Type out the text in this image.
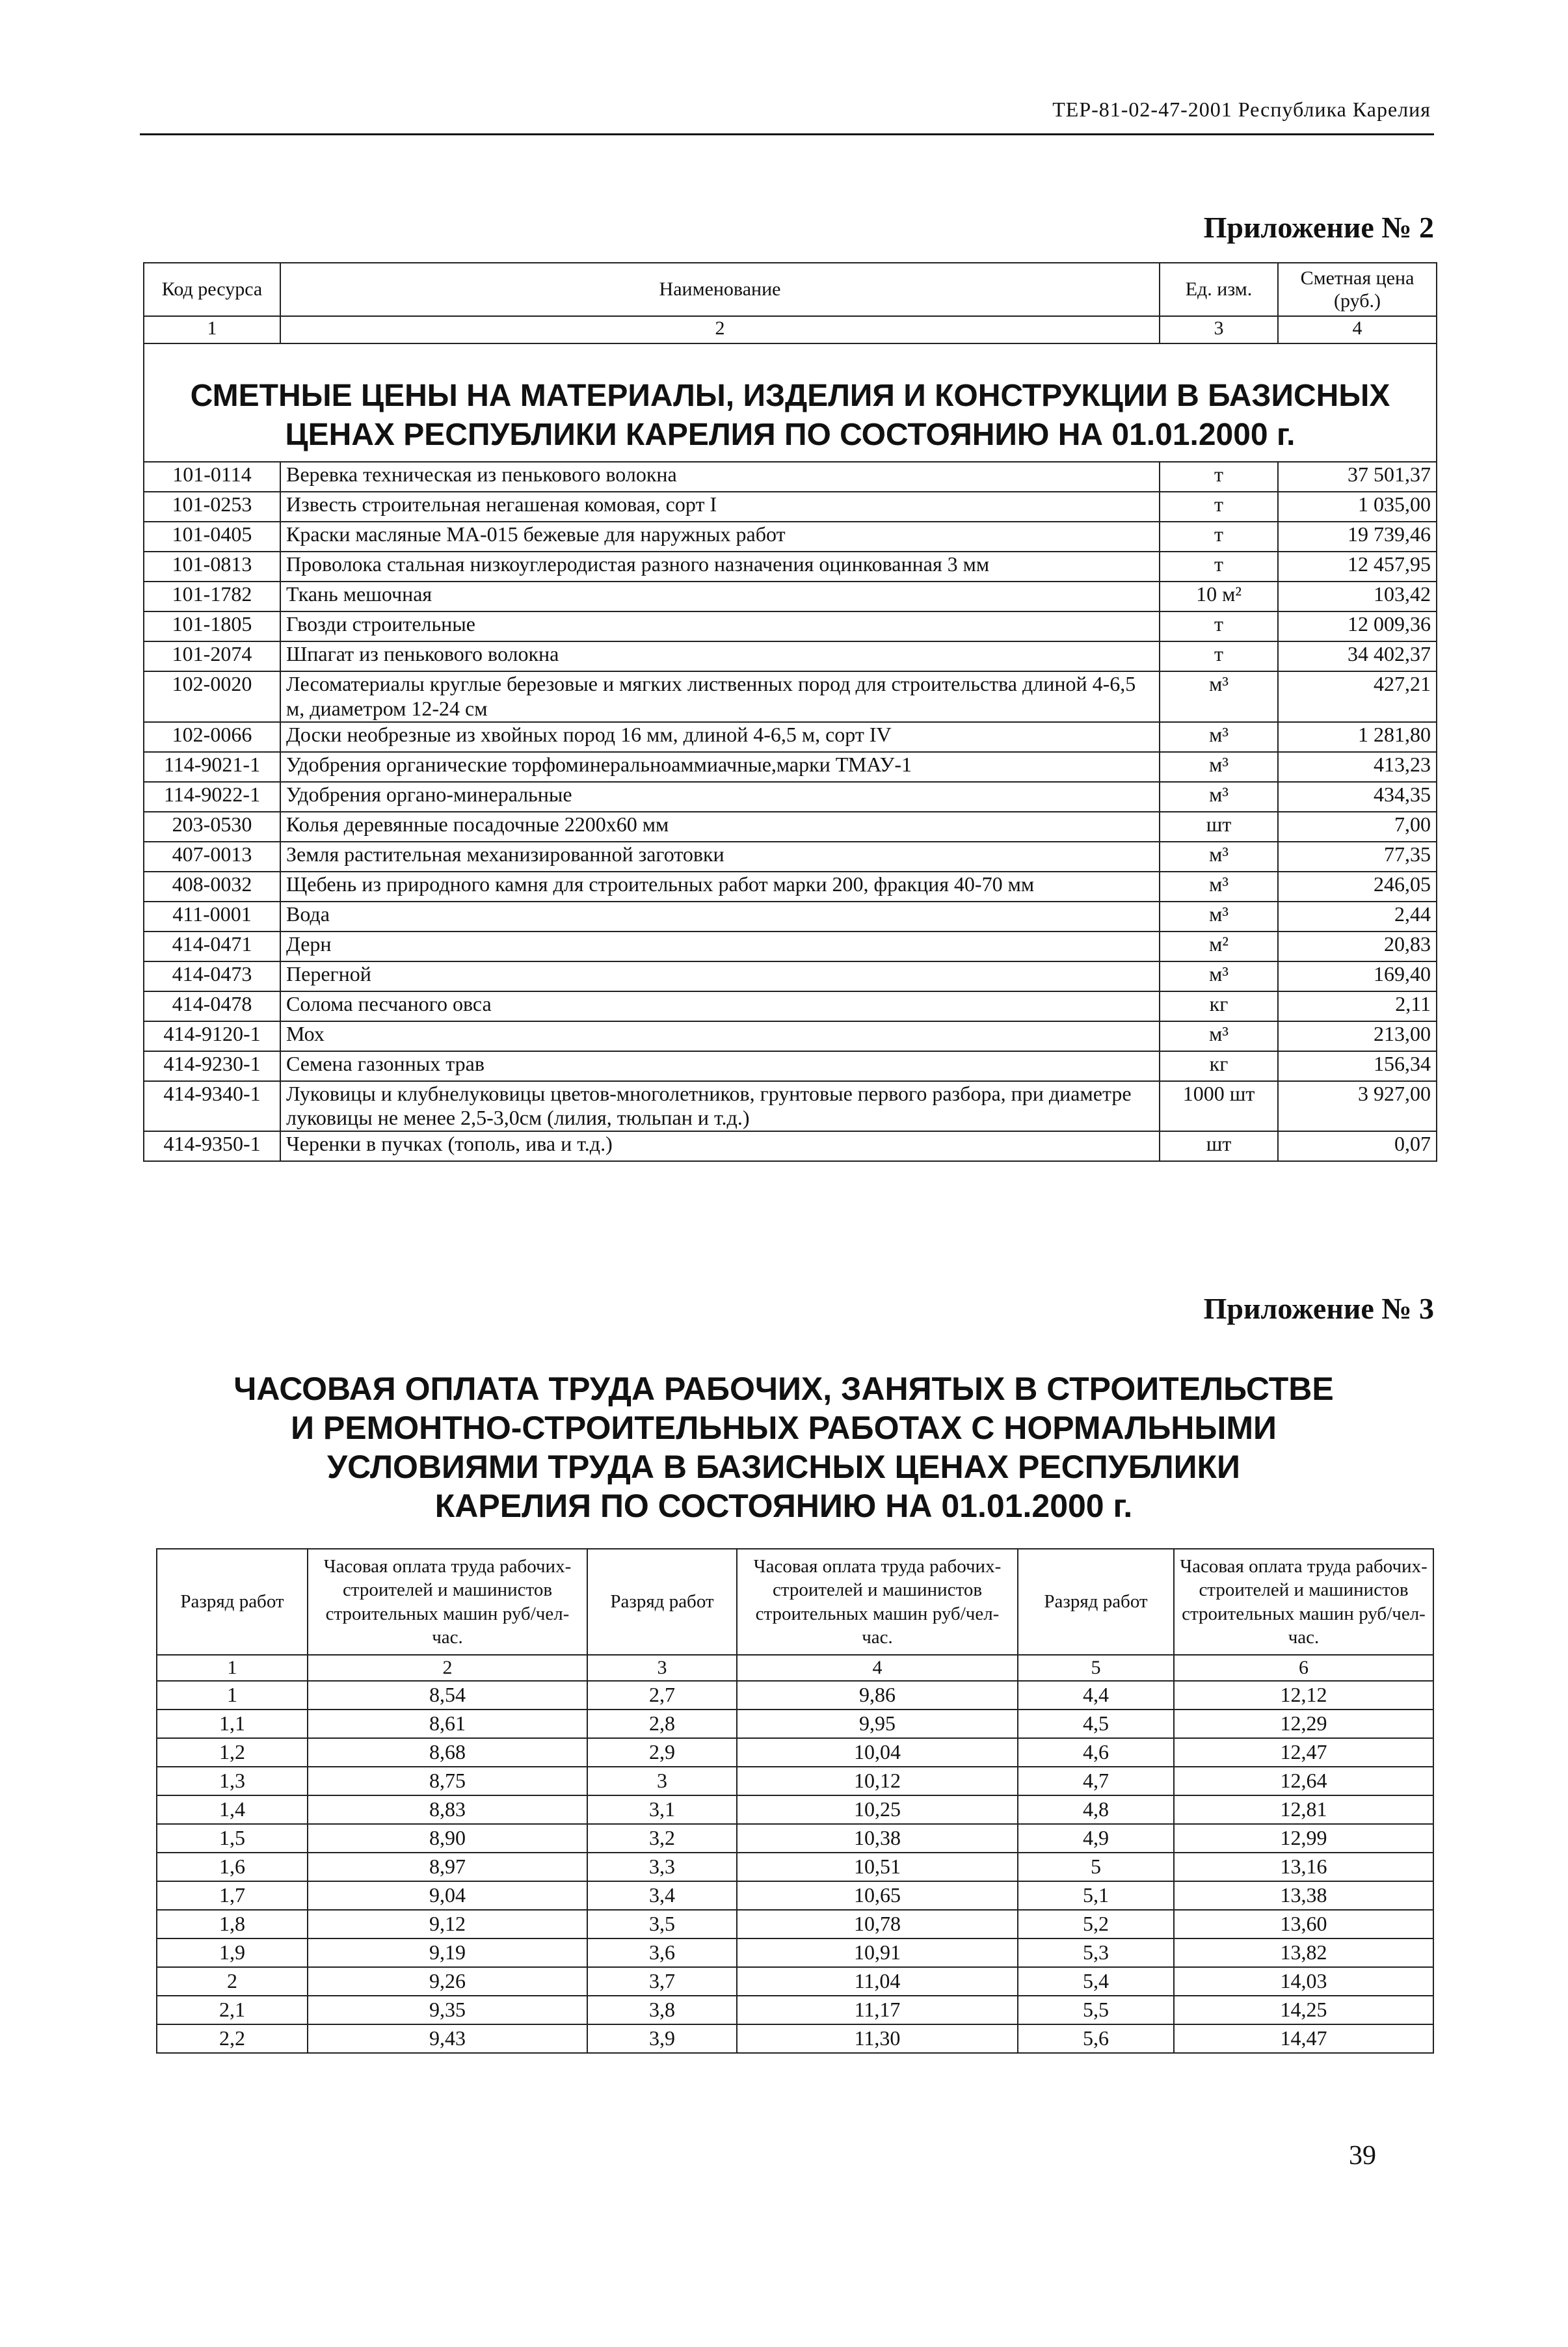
ТЕР-81-02-47-2001 Республика Карелия
Приложение № 2
Код ресурса	Наименование	Ед. изм.	Сметная цена (руб.)
1	2	3	4
СМЕТНЫЕ ЦЕНЫ НА МАТЕРИАЛЫ, ИЗДЕЛИЯ И КОНСТРУКЦИИ В БАЗИСНЫХ ЦЕНАХ РЕСПУБЛИКИ КАРЕЛИЯ ПО СОСТОЯНИЮ НА 01.01.2000 г.			
101-0114	Веревка техническая из пенькового волокна	т	37 501,37
101-0253	Известь строительная негашеная комовая, сорт I	т	1 035,00
101-0405	Краски масляные МА-015 бежевые для наружных работ	т	19 739,46
101-0813	Проволока стальная низкоуглеродистая разного назначения оцинкованная 3 мм	т	12 457,95
101-1782	Ткань мешочная	10 м²	103,42
101-1805	Гвозди строительные	т	12 009,36
101-2074	Шпагат из пенькового волокна	т	34 402,37
102-0020	Лесоматериалы круглые березовые и мягких лиственных пород для строительства длиной 4-6,5 м, диаметром 12-24 см	м³	427,21
102-0066	Доски необрезные из хвойных пород 16 мм, длиной 4-6,5 м, сорт IV	м³	1 281,80
114-9021-1	Удобрения органические торфоминеральноаммиачные,марки ТМАУ-1	м³	413,23
114-9022-1	Удобрения органо-минеральные	м³	434,35
203-0530	Колья деревянные посадочные 2200х60 мм	шт	7,00
407-0013	Земля растительная механизированной заготовки	м³	77,35
408-0032	Щебень из природного камня для строительных работ марки 200, фракция 40-70 мм	м³	246,05
411-0001	Вода	м³	2,44
414-0471	Дерн	м²	20,83
414-0473	Перегной	м³	169,40
414-0478	Солома песчаного овса	кг	2,11
414-9120-1	Мох	м³	213,00
414-9230-1	Семена газонных трав	кг	156,34
414-9340-1	Луковицы и клубнелуковицы цветов-многолетников, грунтовые первого разбора, при диаметре луковицы не менее 2,5-3,0см (лилия, тюльпан и т.д.)	1000 шт	3 927,00
414-9350-1	Черенки в пучках (тополь, ива и т.д.)	шт	0,07
Приложение № 3
ЧАСОВАЯ ОПЛАТА ТРУДА РАБОЧИХ, ЗАНЯТЫХ В СТРОИТЕЛЬСТВЕ
И РЕМОНТНО-СТРОИТЕЛЬНЫХ РАБОТАХ С НОРМАЛЬНЫМИ
УСЛОВИЯМИ ТРУДА В БАЗИСНЫХ ЦЕНАХ РЕСПУБЛИКИ
КАРЕЛИЯ ПО СОСТОЯНИЮ НА 01.01.2000 г.
Разряд работ	Часовая оплата труда рабочих-строителей и машинистов строительных машин руб/чел-час.	Разряд работ	Часовая оплата труда рабочих-строителей и машинистов строительных машин руб/чел-час.	Разряд работ	Часовая оплата труда рабочих-строителей и машинистов строительных машин руб/чел-час.
1	2	3	4	5	6
1	8,54	2,7	9,86	4,4	12,12
1,1	8,61	2,8	9,95	4,5	12,29
1,2	8,68	2,9	10,04	4,6	12,47
1,3	8,75	3	10,12	4,7	12,64
1,4	8,83	3,1	10,25	4,8	12,81
1,5	8,90	3,2	10,38	4,9	12,99
1,6	8,97	3,3	10,51	5	13,16
1,7	9,04	3,4	10,65	5,1	13,38
1,8	9,12	3,5	10,78	5,2	13,60
1,9	9,19	3,6	10,91	5,3	13,82
2	9,26	3,7	11,04	5,4	14,03
2,1	9,35	3,8	11,17	5,5	14,25
2,2	9,43	3,9	11,30	5,6	14,47
39
